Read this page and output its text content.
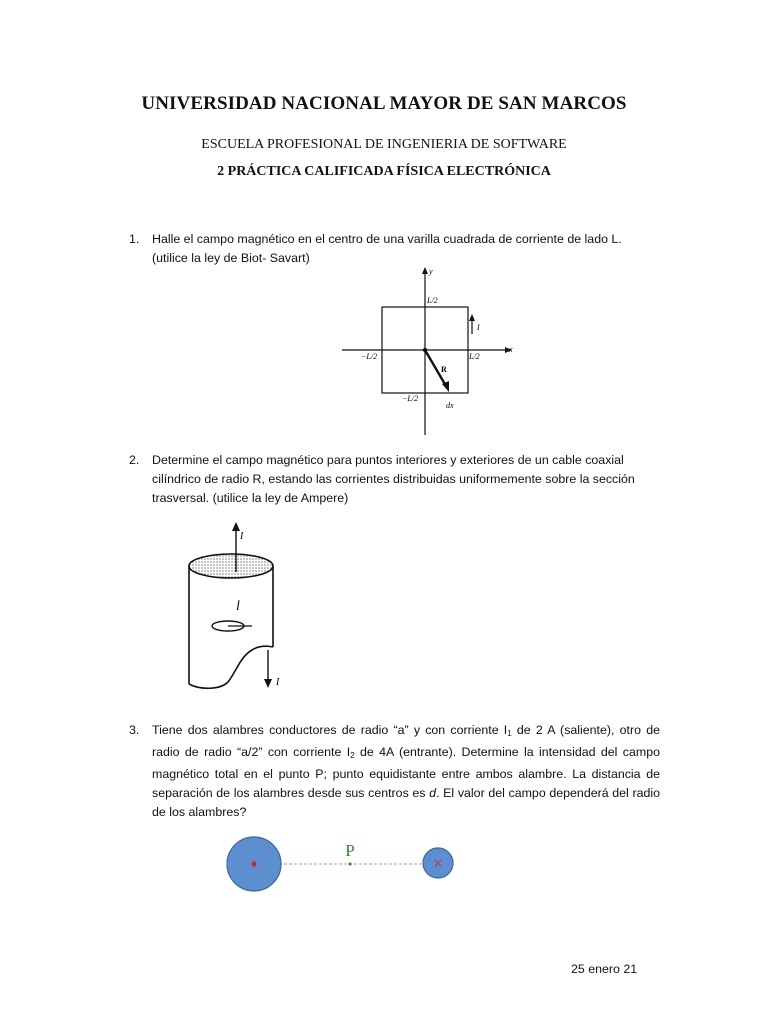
UNIVERSIDAD NACIONAL MAYOR DE SAN MARCOS
ESCUELA PROFESIONAL DE INGENIERIA DE SOFTWARE
2 PRÁCTICA CALIFICADA FÍSICA ELECTRÓNICA
1. Halle el campo magnético en el centro de una varilla cuadrada de corriente de lado L.
(utilice la ley de Biot- Savart)
y
x
L/2
L/2
−L/2
−L/2
I
R
dx
2. Determine el campo magnético para puntos interiores y exteriores de un cable coaxial
cilíndrico de radio R, estando las corrientes distribuidas uniformemente sobre la sección
trasversal. (utilice la ley de Ampere)
I
l
I
3. Tiene dos alambres conductores de radio “a” y con corriente $I_1$ de 2 A (saliente), otro de radio de radio “a/2” con corriente $I_2$ de 4A (entrante). Determine la intensidad del campo magnético total en el punto P; punto equidistante entre ambos alambre. La distancia de separación de los alambres desde sus centros es d. El valor del campo dependerá del radio de los alambres?
×
P
25 enero 21
